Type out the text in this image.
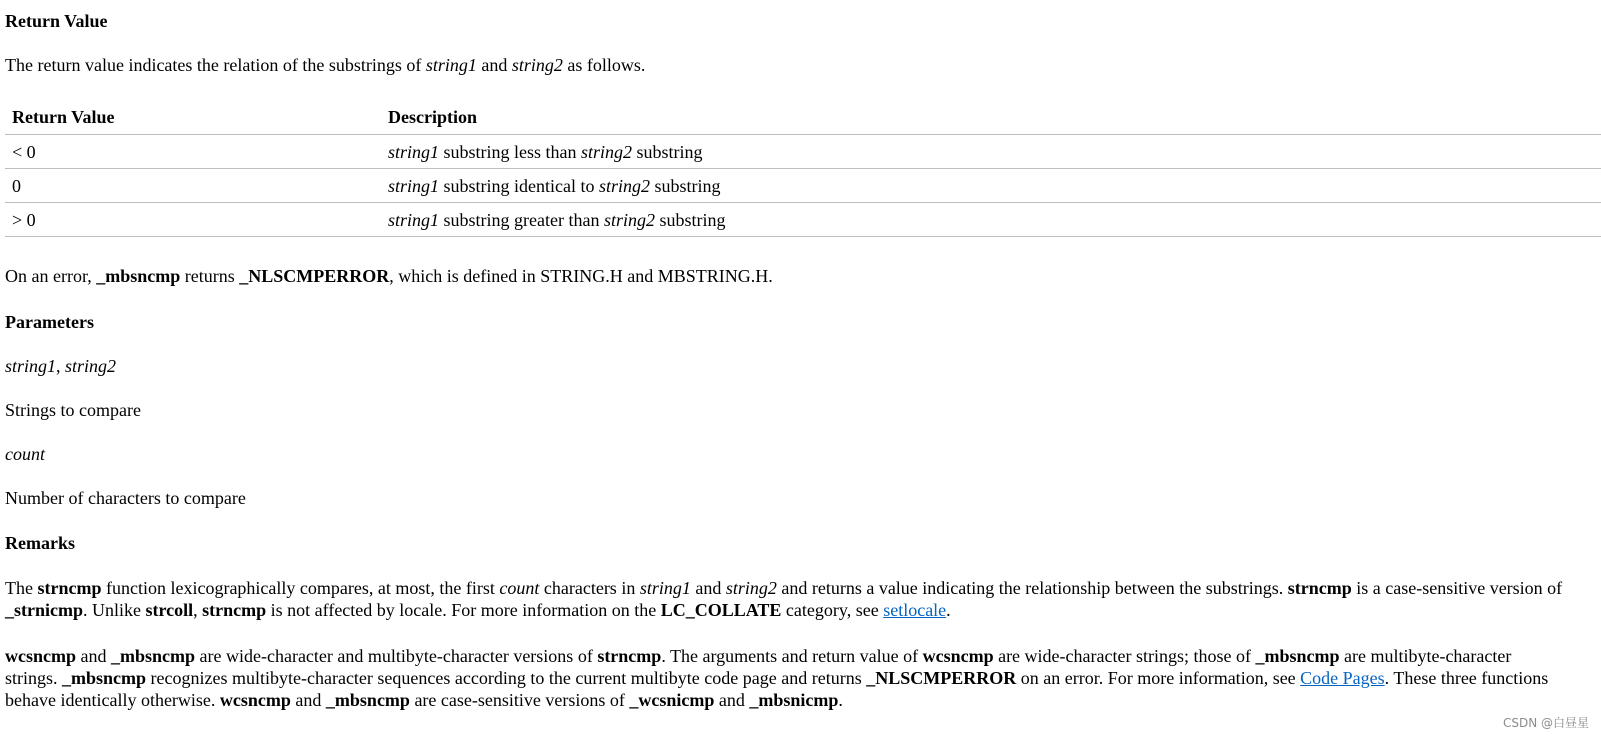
Return Value
The return value indicates the relation of the substrings of string1 and string2 as follows.
Return Value	Description
< 0	string1 substring less than string2 substring
0	string1 substring identical to string2 substring
> 0	string1 substring greater than string2 substring
On an error, _mbsncmp returns _NLSCMPERROR, which is defined in STRING.H and MBSTRING.H.
Parameters
string1, string2
Strings to compare
count
Number of characters to compare
Remarks
The strncmp function lexicographically compares, at most, the first count characters in string1 and string2 and returns a value indicating the relationship between the substrings. strncmp is a case-sensitive version of _strnicmp. Unlike strcoll, strncmp is not affected by locale. For more information on the LC_COLLATE category, see setlocale.
wcsncmp and _mbsncmp are wide-character and multibyte-character versions of strncmp. The arguments and return value of wcsncmp are wide-character strings; those of _mbsncmp are multibyte-character strings. _mbsncmp recognizes multibyte-character sequences according to the current multibyte code page and returns _NLSCMPERROR on an error. For more information, see Code Pages. These three functions behave identically otherwise. wcsncmp and _mbsncmp are case-sensitive versions of _wcsnicmp and _mbsnicmp.
CSDN @白昼星
